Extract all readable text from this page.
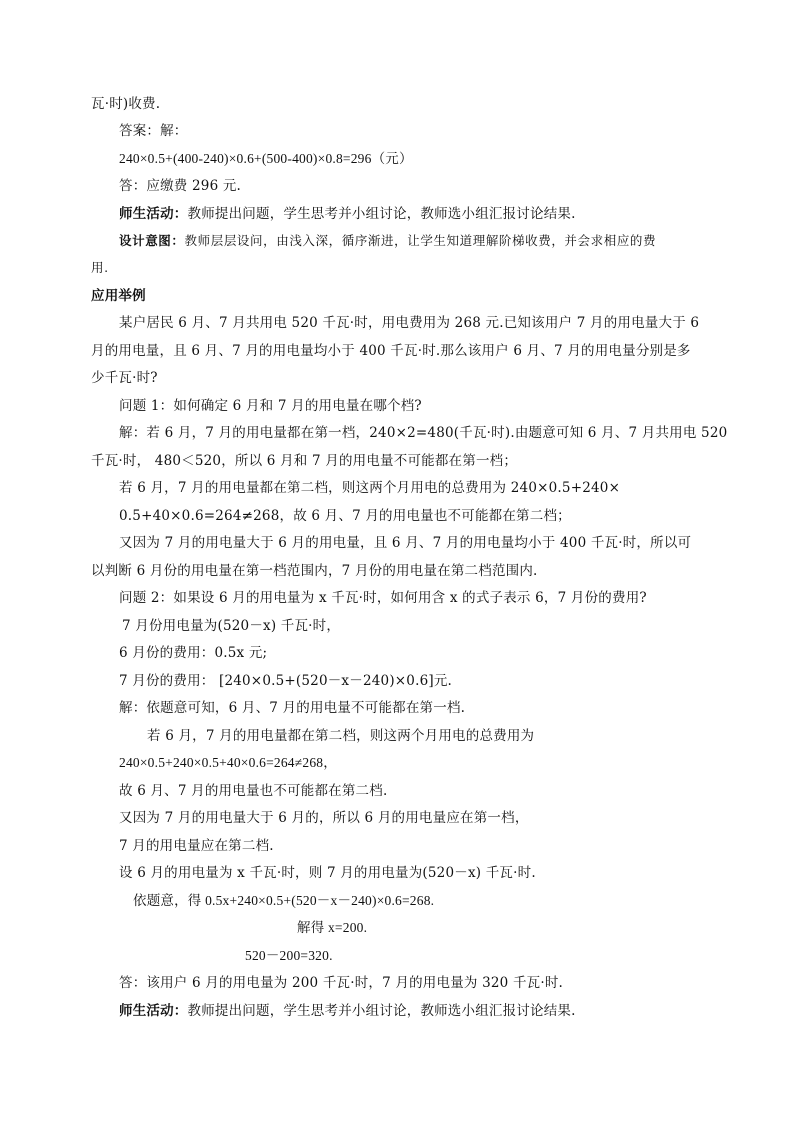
瓦·时)收费.
答案：解：
240×0.5+(400-240)×0.6+(500-400)×0.8=296（元）
答：应缴费 296 元.
师生活动：教师提出问题，学生思考并小组讨论，教师选小组汇报讨论结果.
设计意图：教师层层设问，由浅入深，循序渐进，让学生知道理解阶梯收费，并会求相应的费
用.
应用举例
某户居民 6 月、7 月共用电 520 千瓦·时，用电费用为 268 元.已知该用户 7 月的用电量大于 6
月的用电量，且 6 月、7 月的用电量均小于 400 千瓦·时.那么该用户 6 月、7 月的用电量分别是多
少千瓦·时?
问题 1：如何确定 6 月和 7 月的用电量在哪个档?
解：若 6 月，7 月的用电量都在第一档，240×2=480(千瓦·时).由题意可知 6 月、7 月共用电 520
千瓦·时， 480＜520，所以 6 月和 7 月的用电量不可能都在第一档；
若 6 月，7 月的用电量都在第二档，则这两个月用电的总费用为 240×0.5+240×
0.5+40×0.6=264≠268，故 6 月、7 月的用电量也不可能都在第二档；
又因为 7 月的用电量大于 6 月的用电量，且 6 月、7 月的用电量均小于 400 千瓦·时，所以可
以判断 6 月份的用电量在第一档范围内，7 月份的用电量在第二档范围内.
问题 2：如果设 6 月的用电量为 x 千瓦·时，如何用含 x 的式子表示 6，7 月份的费用?
7 月份用电量为(520－x) 千瓦·时，
6 月份的费用：0.5x 元;
7 月份的费用： [240×0.5+(520－x－240)×0.6]元.
解：依题意可知，6 月、7 月的用电量不可能都在第一档.
若 6 月，7 月的用电量都在第二档，则这两个月用电的总费用为
240×0.5+240×0.5+40×0.6=264≠268，
故 6 月、7 月的用电量也不可能都在第二档.
又因为 7 月的用电量大于 6 月的，所以 6 月的用电量应在第一档，
7 月的用电量应在第二档.
设 6 月的用电量为 x 千瓦·时，则 7 月的用电量为(520－x) 千瓦·时.
依题意，得 0.5x+240×0.5+(520－x－240)×0.6=268.
解得 x=200.
520－200=320.
答：该用户 6 月的用电量为 200 千瓦·时，7 月的用电量为 320 千瓦·时.
师生活动：教师提出问题，学生思考并小组讨论，教师选小组汇报讨论结果.
